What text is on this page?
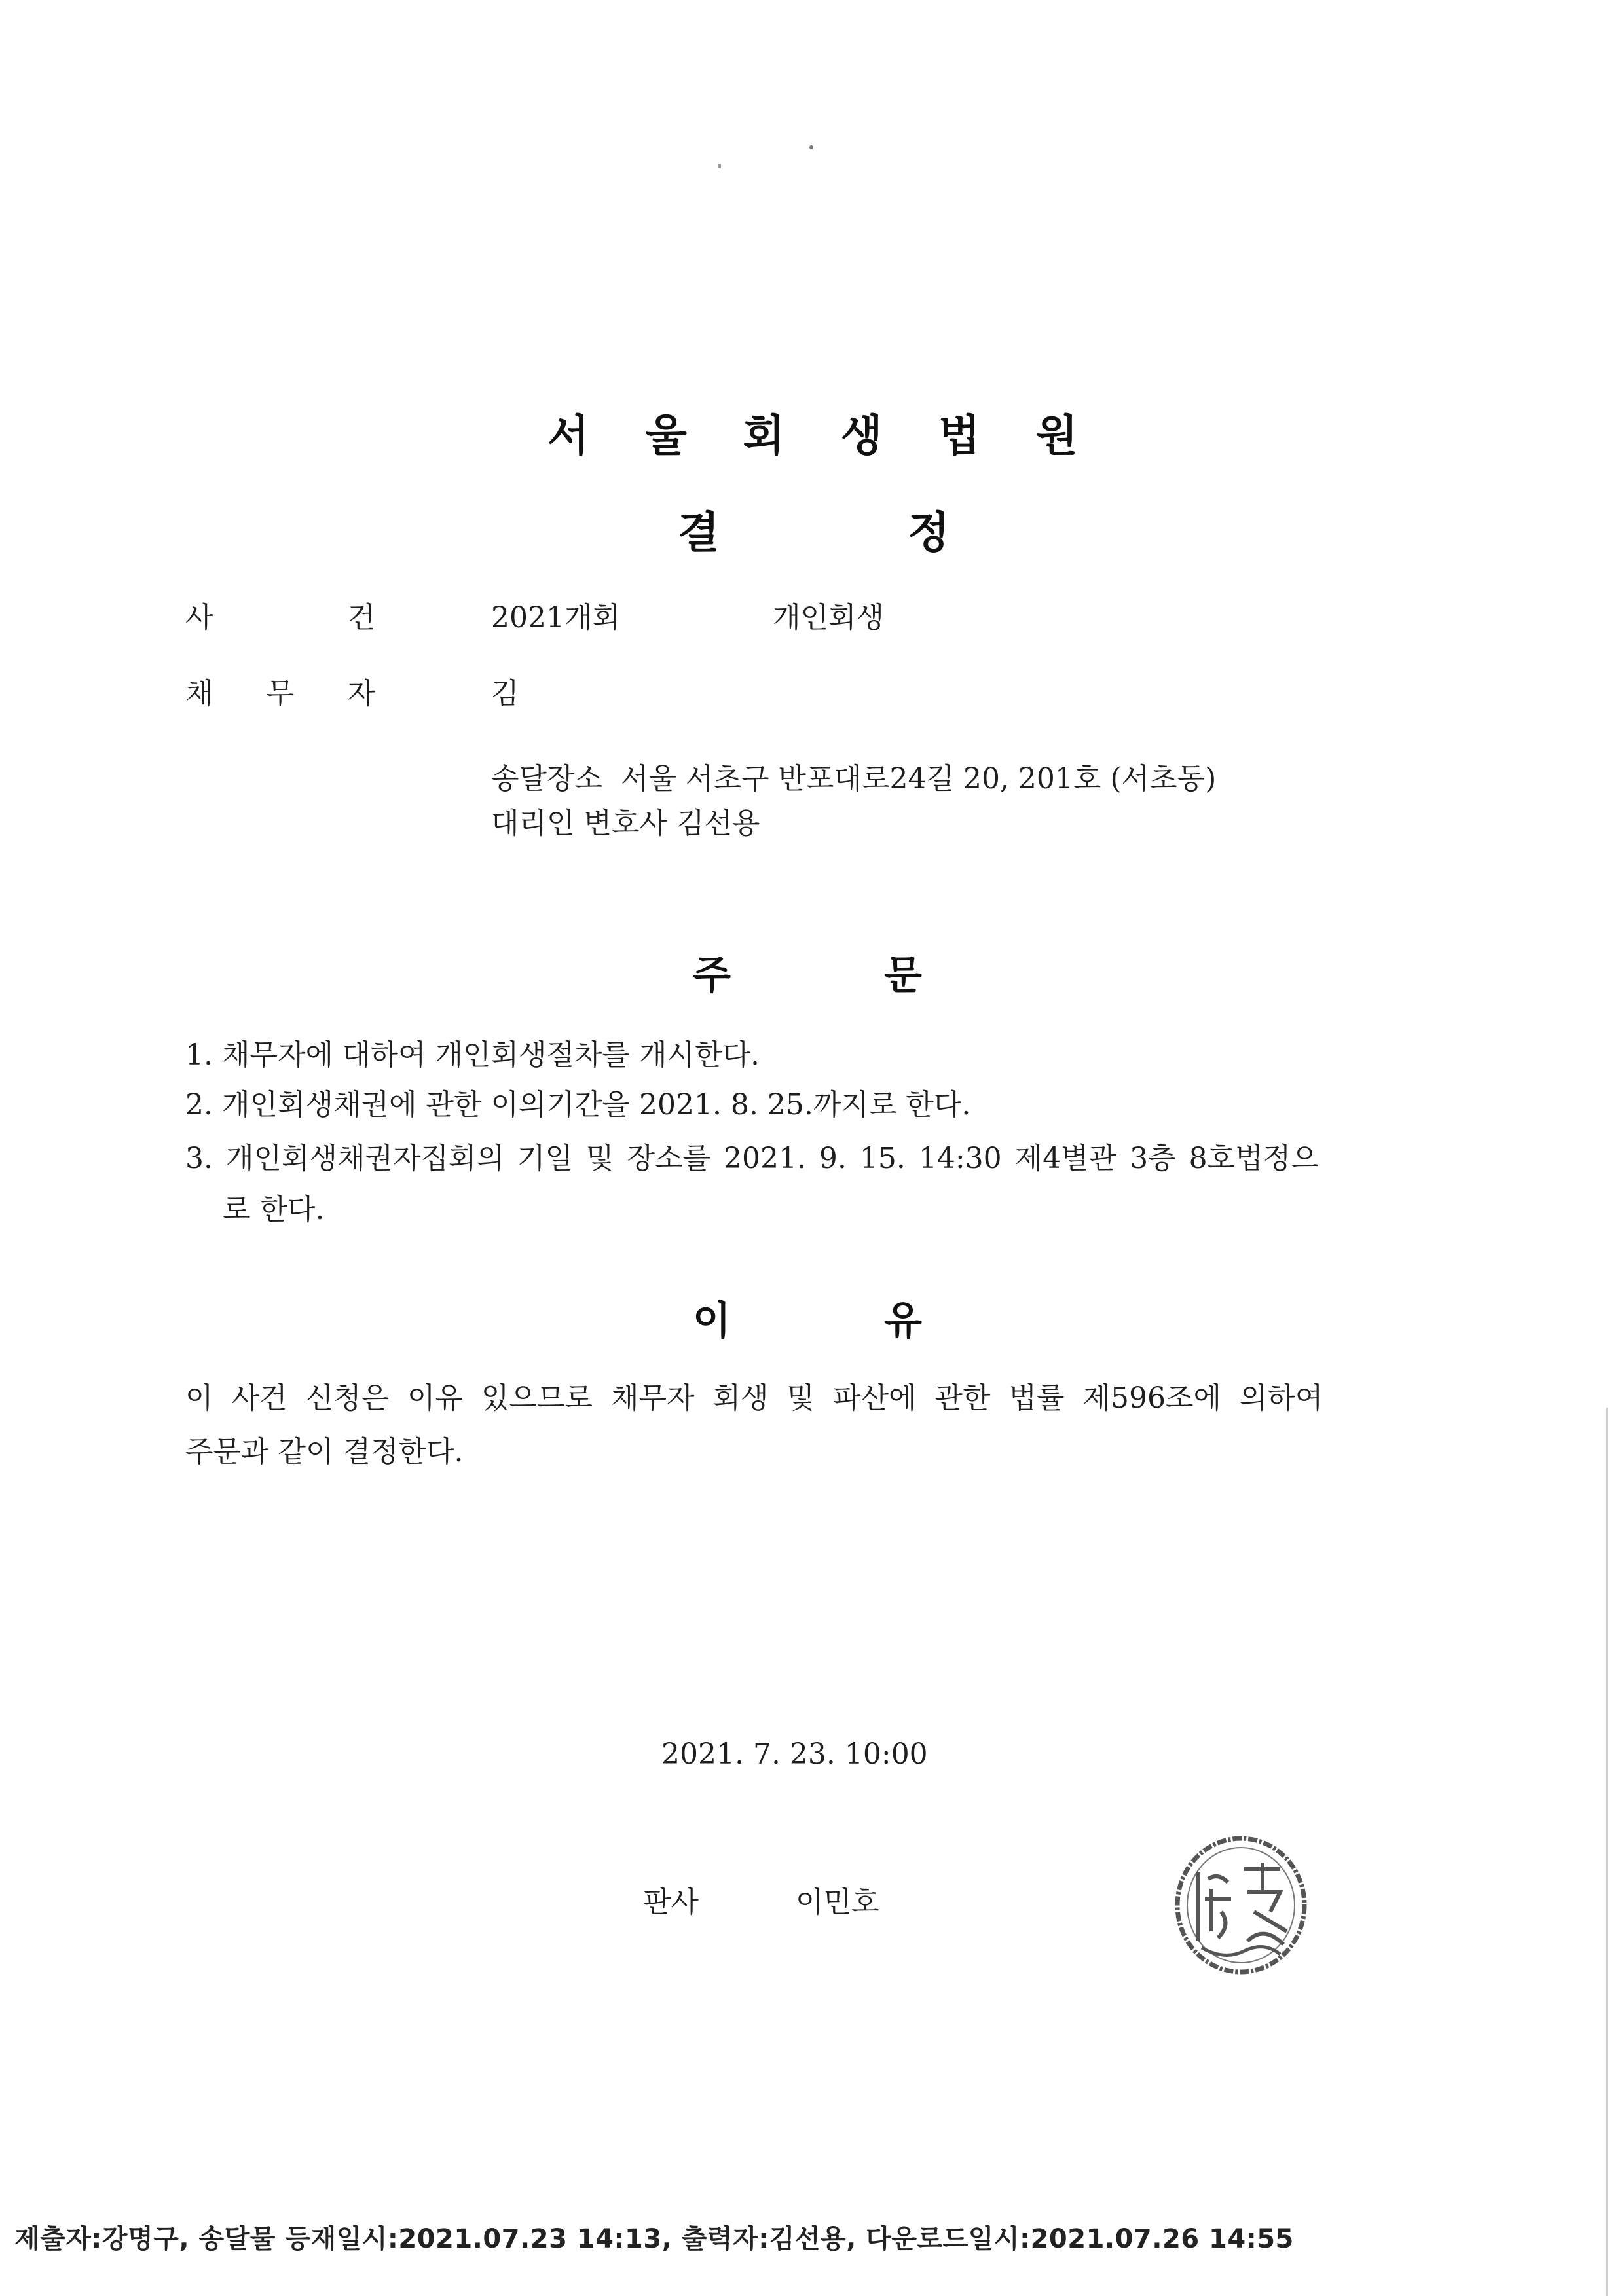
서 울 회 생 법 원
결	정
사	건	2021개회	개인회생
채 무 자	김
송달장소  서울 서초구 반포대로24길 20, 201호 (서초동)
대리인 변호사 김선용
주	문
1. 채무자에 대하여 개인회생절차를 개시한다.
2. 개인회생채권에 관한 이의기간을 2021. 8. 25.까지로 한다.
3. 개인회생채권자집회의 기일 및 장소를 2021. 9. 15. 14:30 제4별관 3층 8호법정으
로 한다.
이	유
이 사건 신청은 이유 있으므로 채무자 회생 및 파산에 관한 법률 제596조에 의하여
주문과 같이 결정한다.
2021. 7. 23. 10:00
판사	이민호
제출자:강명구, 송달물 등재일시:2021.07.23 14:13, 출력자:김선용, 다운로드일시:2021.07.26 14:55
